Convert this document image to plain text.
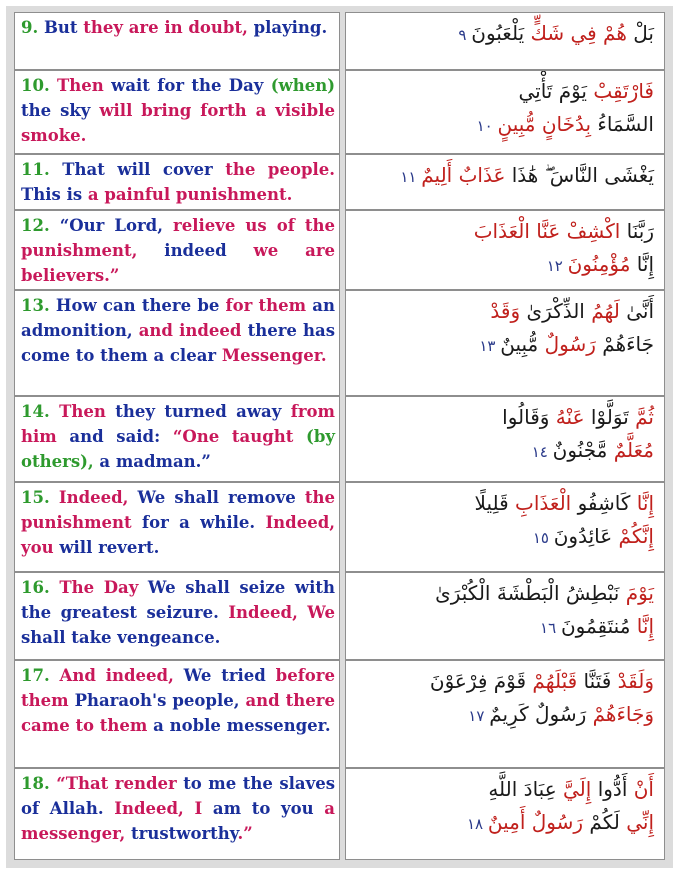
9. But they are in doubt, playing.	بَلْ هُمْ فِي شَكٍّ يَلْعَبُونَ ٩

10. Then wait for the Day (when) the sky will bring forth a visible smoke.

فَارْتَقِبْ يَوْمَ تَأْتِي
السَّمَاءُ بِدُخَانٍ مُّبِينٍ ١٠

11. That will cover the people. This is a painful punishment.

يَغْشَى النَّاسَ ۖ هَٰذَا عَذَابٌ أَلِيمٌ ١١

12. “Our Lord, relieve us of the punishment, indeed we are believers.”

رَبَّنَا اكْشِفْ عَنَّا الْعَذَابَ
إِنَّا مُؤْمِنُونَ ١٢

13. How can there be for them an admonition, and indeed there has come to them a clear Messenger.

أَنَّىٰ لَهُمُ الذِّكْرَىٰ وَقَدْ
جَاءَهُمْ رَسُولٌ مُّبِينٌ ١٣

14. Then they turned away from him and said: “One taught (by others), a madman.”

ثُمَّ تَوَلَّوْا عَنْهُ وَقَالُوا
مُعَلَّمٌ مَّجْنُونٌ ١٤

15. Indeed, We shall remove the punishment for a while. Indeed, you will revert.

إِنَّا كَاشِفُو الْعَذَابِ قَلِيلًا
إِنَّكُمْ عَائِدُونَ ١٥

16. The Day We shall seize with the greatest seizure. Indeed, We shall take vengeance.

يَوْمَ نَبْطِشُ الْبَطْشَةَ الْكُبْرَىٰ
إِنَّا مُنتَقِمُونَ ١٦

17. And indeed, We tried before them Pharaoh's people, and there came to them a noble messenger.

وَلَقَدْ فَتَنَّا قَبْلَهُمْ قَوْمَ فِرْعَوْنَ
وَجَاءَهُمْ رَسُولٌ كَرِيمٌ ١٧

18. “That render to me the slaves of Allah. Indeed, I am to you a messenger, trustworthy.”

أَنْ أَدُّوا إِلَيَّ عِبَادَ اللَّهِ
إِنِّي لَكُمْ رَسُولٌ أَمِينٌ ١٨
